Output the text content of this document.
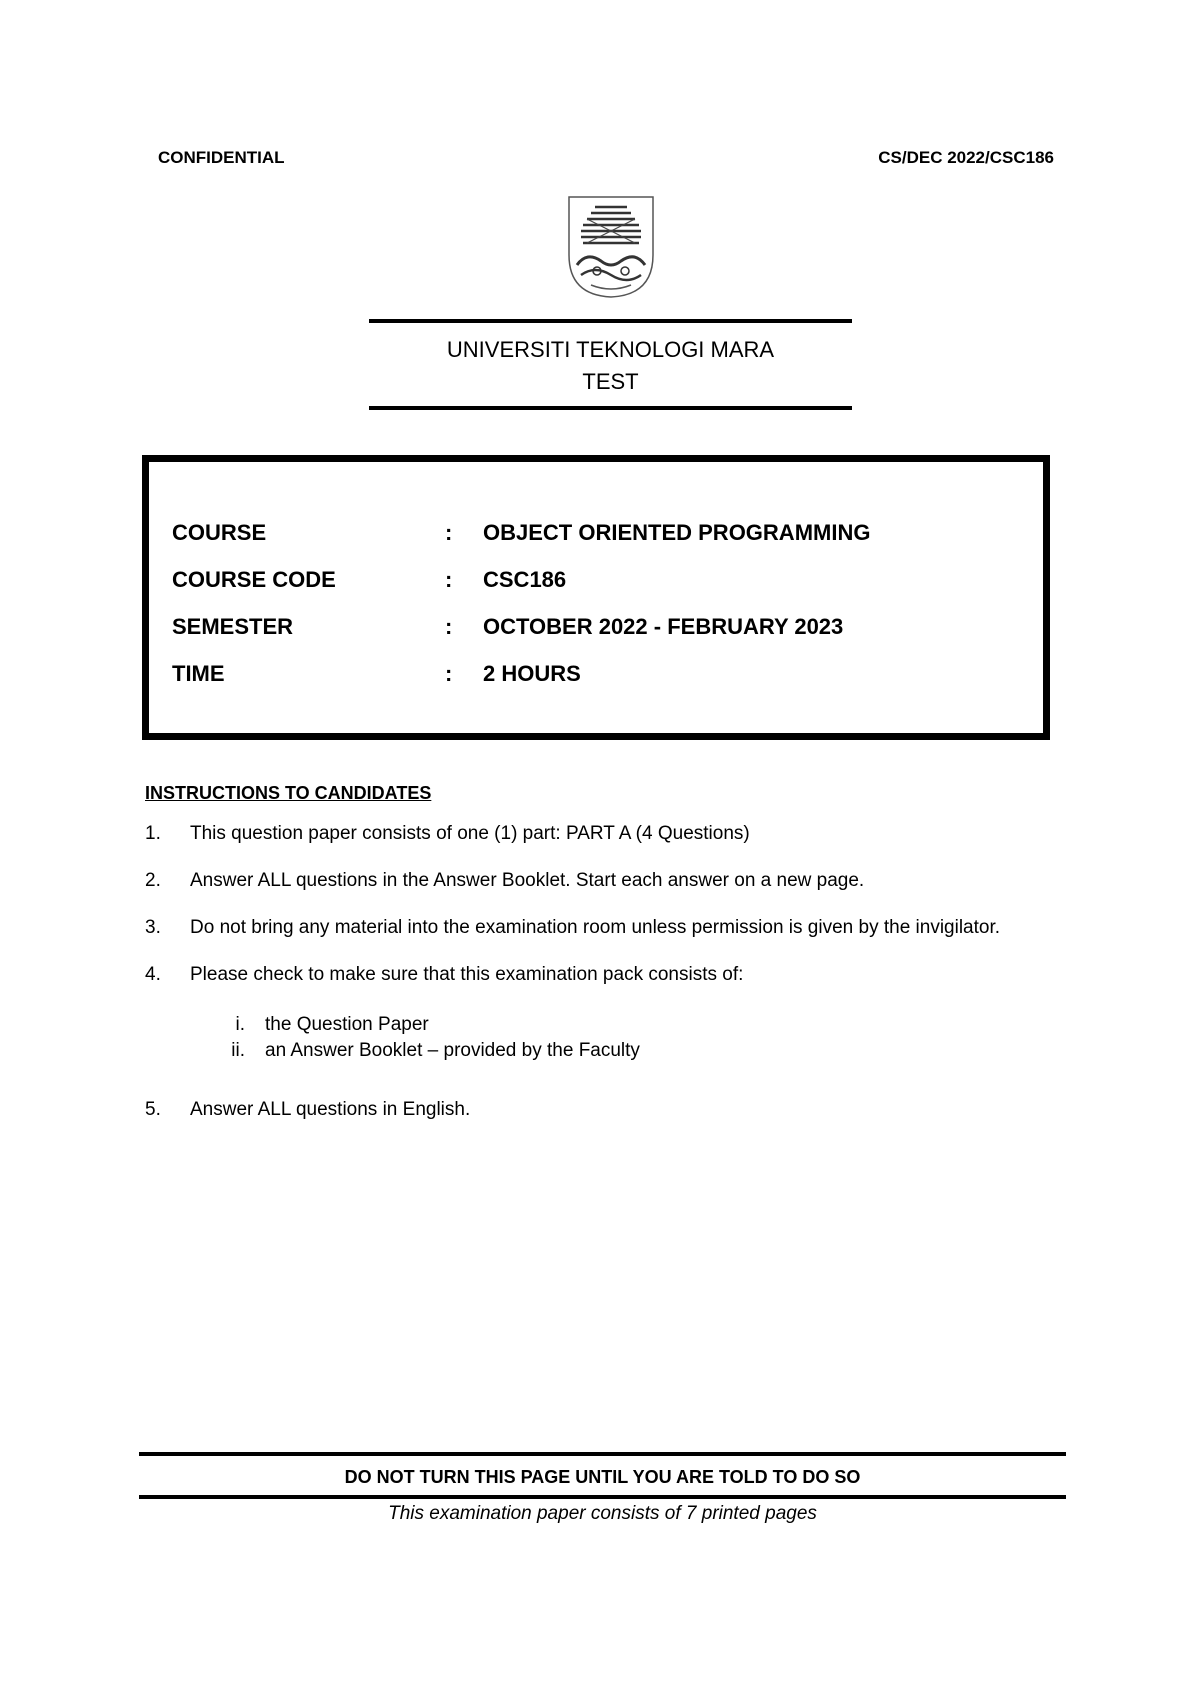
CONFIDENTIAL	CS/DEC 2022/CSC186
UNIVERSITI TEKNOLOGI MARA
TEST
COURSE	: OBJECT ORIENTED PROGRAMMING
COURSE CODE	: CSC186
SEMESTER	: OCTOBER 2022 - FEBRUARY 2023
TIME	: 2 HOURS
INSTRUCTIONS TO CANDIDATES
1. This question paper consists of one (1) part: PART A (4 Questions)
2. Answer ALL questions in the Answer Booklet. Start each answer on a new page.
3. Do not bring any material into the examination room unless permission is given by the invigilator.
4. Please check to make sure that this examination pack consists of:
i. the Question Paper
ii. an Answer Booklet – provided by the Faculty
5. Answer ALL questions in English.
DO NOT TURN THIS PAGE UNTIL YOU ARE TOLD TO DO SO
This examination paper consists of 7 printed pages
